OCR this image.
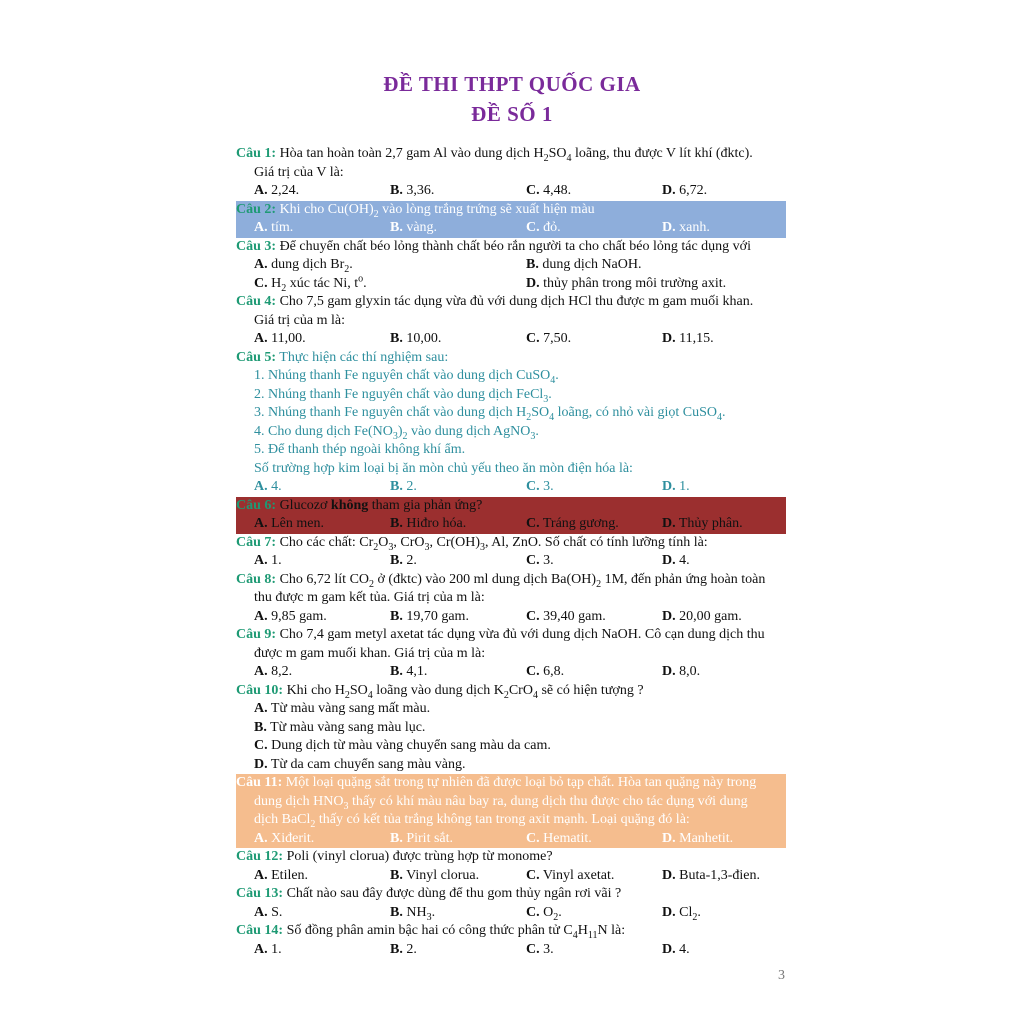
ĐỀ THI THPT QUỐC GIA
ĐỀ SỐ 1
Câu 1: Hòa tan hoàn toàn 2,7 gam Al vào dung dịch $H_2SO_4$ loãng, thu được V lít khí (đktc).
Giá trị của V là:
A. 2,24.	B. 3,36.	C. 4,48.	D. 6,72.
Câu 2: Khi cho $Cu(OH)_2$ vào lòng trắng trứng sẽ xuất hiện màu
A. tím.	B. vàng.	C. đỏ.	D. xanh.
Câu 3: Để chuyển chất béo lỏng thành chất béo rắn người ta cho chất béo lỏng tác dụng với
A. dung dịch $Br_2$.	B. dung dịch NaOH.
C. $H_2$ xúc tác Ni, $t^o$.	D. thủy phân trong môi trường axit.
Câu 4: Cho 7,5 gam glyxin tác dụng vừa đủ với dung dịch HCl thu được m gam muối khan.
Giá trị của m là:
A. 11,00.	B. 10,00.	C. 7,50.	D. 11,15.
Câu 5: Thực hiện các thí nghiệm sau:
1. Nhúng thanh Fe nguyên chất vào dung dịch CuSO$_4$.
2. Nhúng thanh Fe nguyên chất vào dung dịch FeCl$_3$.
3. Nhúng thanh Fe nguyên chất vào dung dịch $H_2SO_4$ loãng, có nhỏ vài giọt CuSO$_4$.
4. Cho dung dịch $Fe(NO_3)_2$ vào dung dịch AgNO$_3$.
5. Để thanh thép ngoài không khí ẩm.
Số trường hợp kim loại bị ăn mòn chủ yếu theo ăn mòn điện hóa là:
A. 4.	B. 2.	C. 3.	D. 1.
Câu 6: Glucozơ không tham gia phản ứng?
A. Lên men.	B. Hiđro hóa.	C. Tráng gương.	D. Thủy phân.
Câu 7: Cho các chất: $Cr_2O_3$, CrO$_3$, $Cr(OH)_3$, Al, ZnO. Số chất có tính lưỡng tính là:
A. 1.	B. 2.	C. 3.	D. 4.
Câu 8: Cho 6,72 lít $CO_2$ ở (đktc) vào 200 ml dung dịch $Ba(OH)_2$ 1M, đến phản ứng hoàn toàn
thu được m gam kết tủa. Giá trị của m là:
A. 9,85 gam.	B. 19,70 gam.	C. 39,40 gam.	D. 20,00 gam.
Câu 9: Cho 7,4 gam metyl axetat tác dụng vừa đủ với dung dịch NaOH. Cô cạn dung dịch thu
được m gam muối khan. Giá trị của m là:
A. 8,2.	B. 4,1.	C. 6,8.	D. 8,0.
Câu 10: Khi cho $H_2SO_4$ loãng vào dung dịch $K_2CrO_4$ sẽ có hiện tượng ?
A. Từ màu vàng sang mất màu.
B. Từ màu vàng sang màu lục.
C. Dung dịch từ màu vàng chuyển sang màu da cam.
D. Từ da cam chuyển sang màu vàng.
Câu 11: Một loại quặng sắt trong tự nhiên đã được loại bỏ tạp chất. Hòa tan quặng này trong
dung dịch $HNO_3$ thấy có khí màu nâu bay ra, dung dịch thu được cho tác dụng với dung
dịch BaCl$_2$ thấy có kết tủa trắng không tan trong axit mạnh. Loại quặng đó là:
A. Xiđerit.	B. Pirit sắt.	C. Hematit.	D. Manhetit.
Câu 12: Poli (vinyl clorua) được trùng hợp từ monome?
A. Etilen.	B. Vinyl clorua.	C. Vinyl axetat.	D. Buta-1,3-đien.
Câu 13: Chất nào sau đây được dùng để thu gom thủy ngân rơi vãi ?
A. S.	B. $NH_3$.	C. $O_2$.	D. $Cl_2$.
Câu 14: Số đồng phân amin bậc hai có công thức phân tử $C_4H_{11}N$ là:
A. 1.	B. 2.	C. 3.	D. 4.
3
